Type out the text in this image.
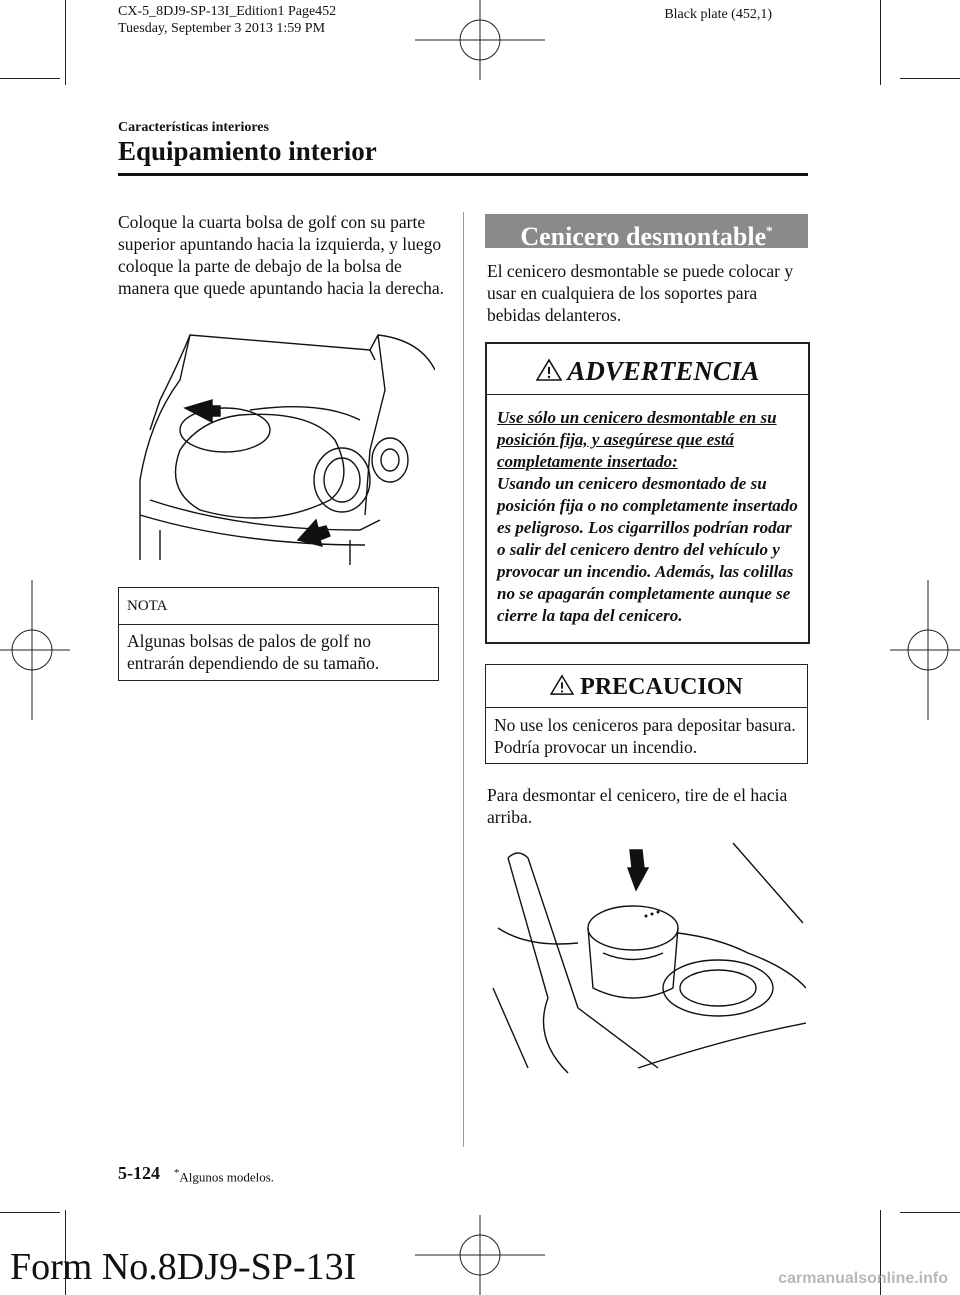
CX-5_8DJ9-SP-13I_Edition1 Page452
Tuesday, September 3 2013 1:59 PM
Black plate (452,1)
Características interiores
Equipamiento interior
Coloque la cuarta bolsa de golf con su parte superior apuntando hacia la izquierda, y luego coloque la parte de debajo de la bolsa de manera que quede apuntando hacia la derecha.
NOTA
Algunas bolsas de palos de golf no entrarán dependiendo de su tamaño.
Cenicero desmontable*
El cenicero desmontable se puede colocar y usar en cualquiera de los soportes para bebidas delanteros.
ADVERTENCIA
Use sólo un cenicero desmontable en su posición fija, y asegúrese que está completamente insertado:
Usando un cenicero desmontado de su posición fija o no completamente insertado es peligroso. Los cigarrillos podrían rodar o salir del cenicero dentro del vehículo y provocar un incendio. Además, las colillas no se apagarán completamente aunque se cierre la tapa del cenicero.
PRECAUCION
No use los ceniceros para depositar basura. Podría provocar un incendio.
Para desmontar el cenicero, tire de el hacia arriba.
5-124 *Algunos modelos.
Form No.8DJ9-SP-13I	carmanualsonline.info
